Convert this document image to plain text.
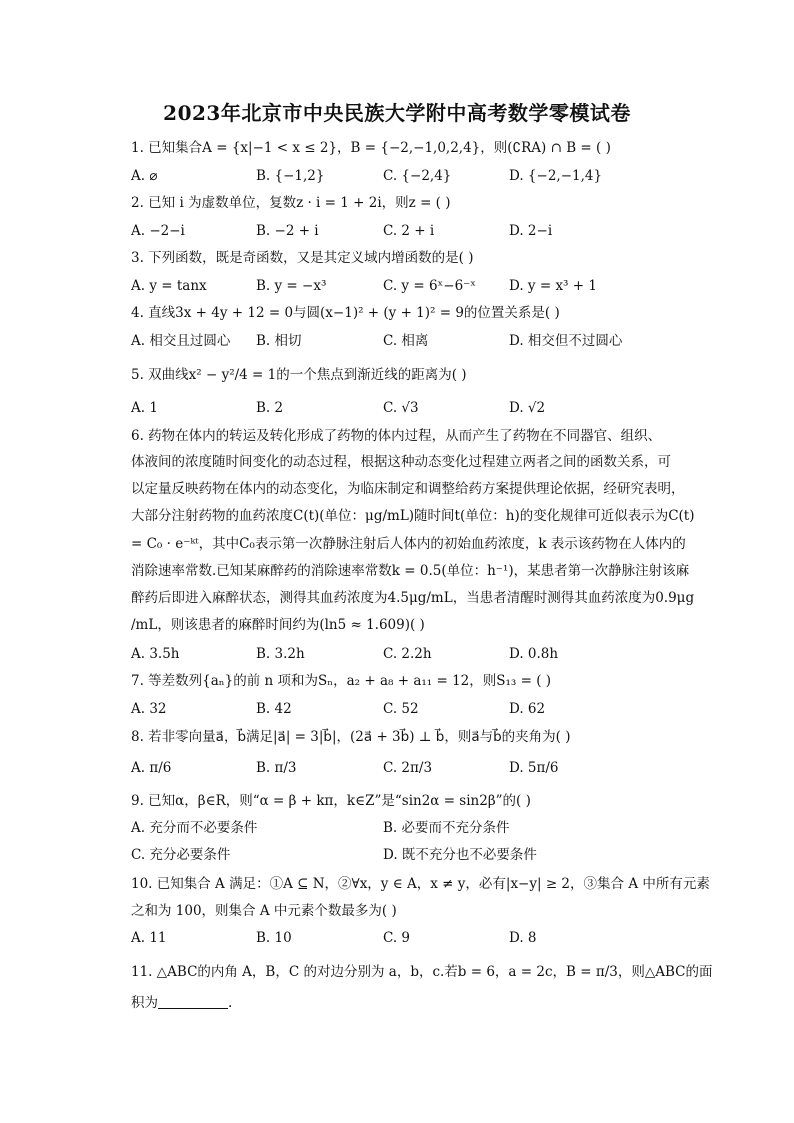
2023年北京市中央民族大学附中高考数学零模试卷
1. 已知集合A = {x|−1 < x ≤ 2}，B = {−2,−1,0,2,4}，则(∁RA) ∩ B = ( )
A. ⌀	B. {−1,2}	C. {−2,4}	D. {−2,−1,4}
2. 已知 i 为虚数单位，复数z · i = 1 + 2i，则z = ( )
A. −2−i	B. −2 + i	C. 2 + i	D. 2−i
3. 下列函数，既是奇函数，又是其定义域内增函数的是( )
A. y = tanx	B. y = −x³	C. y = 6ˣ−6⁻ˣ D. y = x³ + 1
4. 直线3x + 4y + 12 = 0与圆(x−1)² + (y + 1)² = 9的位置关系是( )
A. 相交且过圆心 B. 相切	C. 相离	D. 相交但不过圆心
5. 双曲线x² − y²/4 = 1的一个焦点到渐近线的距离为( )
A. 1	B. 2	C. √3	D. √2
6. 药物在体内的转运及转化形成了药物的体内过程，从而产生了药物在不同器官、组织、
体液间的浓度随时间变化的动态过程，根据这种动态变化过程建立两者之间的函数关系，可
以定量反映药物在体内的动态变化，为临床制定和调整给药方案提供理论依据，经研究表明，
大部分注射药物的血药浓度C(t)(单位：μg/mL)随时间t(单位：h)的变化规律可近似表示为C(t)
= C₀ · e⁻ᵏᵗ，其中C₀表示第一次静脉注射后人体内的初始血药浓度，k 表示该药物在人体内的
消除速率常数.已知某麻醉药的消除速率常数k = 0.5(单位：h⁻¹)，某患者第一次静脉注射该麻
醉药后即进入麻醉状态，测得其血药浓度为4.5μg/mL，当患者清醒时测得其血药浓度为0.9μg
/mL，则该患者的麻醉时间约为(ln5 ≈ 1.609)( )
A. 3.5h	B. 3.2h	C. 2.2h	D. 0.8h
7. 等差数列{aₙ}的前 n 项和为Sₙ，a₂ + a₈ + a₁₁ = 12，则S₁₃ = ( )
A. 32	B. 42	C. 52	D. 62
8. 若非零向量a⃗，b⃗满足|a⃗| = 3|b⃗|，(2a⃗ + 3b⃗) ⊥ b⃗，则a⃗与b⃗的夹角为( )
A. π/6	B. π/3	C. 2π/3	D. 5π/6
9. 已知α，β∈R，则“α = β + kπ，k∈Z”是“sin2α = sin2β”的( )
A. 充分而不必要条件	B. 必要而不充分条件
C. 充分必要条件	D. 既不充分也不必要条件
10. 已知集合 A 满足：①A ⊆ N，②∀x，y ∈ A，x ≠ y，必有|x−y| ≥ 2，③集合 A 中所有元素
之和为 100，则集合 A 中元素个数最多为( )
A. 11	B. 10	C. 9	D. 8
11. △ABC的内角 A，B，C 的对边分别为 a，b，c.若b = 6，a = 2c，B = π/3，则△ABC的面
积为	.
